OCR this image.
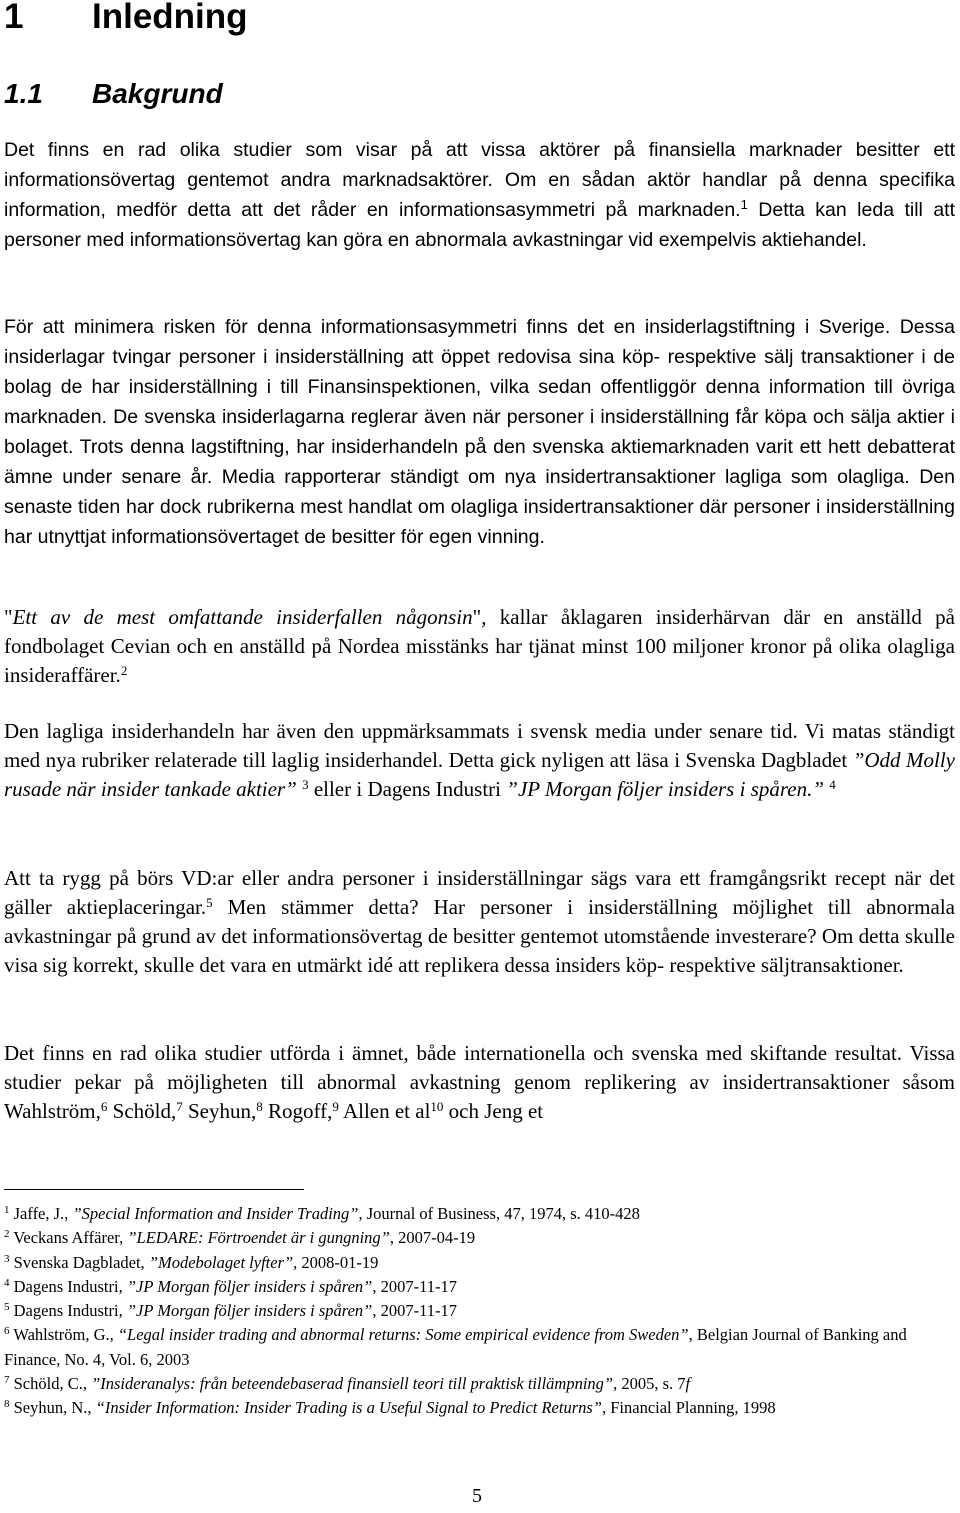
1 Inledning
1.1 Bakgrund

Det finns en rad olika studier som visar på att vissa aktörer på finansiella marknader besitter ett informationsövertag gentemot andra marknadsaktörer. Om en sådan aktör handlar på denna specifika information, medför detta att det råder en informationsasymmetri på marknaden.$^1$ Detta kan leda till att personer med informationsövertag kan göra en abnormala avkastningar vid exempelvis aktiehandel.

För att minimera risken för denna informationsasymmetri finns det en insiderlagstiftning i Sverige. Dessa insiderlagar tvingar personer i insiderställning att öppet redovisa sina köp- respektive sälj transaktioner i de bolag de har insiderställning i till Finansinspektionen, vilka sedan offentliggör denna information till övriga marknaden. De svenska insiderlagarna reglerar även när personer i insiderställning får köpa och sälja aktier i bolaget. Trots denna lagstiftning, har insiderhandeln på den svenska aktiemarknaden varit ett hett debatterat ämne under senare år. Media rapporterar ständigt om nya insidertransaktioner lagliga som olagliga. Den senaste tiden har dock rubrikerna mest handlat om olagliga insidertransaktioner där personer i insiderställning har utnyttjat informationsövertaget de besitter för egen vinning.

"Ett av de mest omfattande insiderfallen någonsin", kallar åklagaren insiderhärvan där en anställd på fondbolaget Cevian och en anställd på Nordea misstänks har tjänat minst 100 miljoner kronor på olika olagliga insideraffärer.$^2$

Den lagliga insiderhandeln har även den uppmärksammats i svensk media under senare tid. Vi matas ständigt med nya rubriker relaterade till laglig insiderhandel. Detta gick nyligen att läsa i Svenska Dagbladet ”Odd Molly rusade när insider tankade aktier” $^3$ eller i Dagens Industri ”JP Morgan följer insiders i spåren.” $^4$

Att ta rygg på börs VD:ar eller andra personer i insiderställningar sägs vara ett framgångsrikt recept när det gäller aktieplaceringar.$^5$ Men stämmer detta? Har personer i insiderställning möjlighet till abnormala avkastningar på grund av det informationsövertag de besitter gentemot utomstående investerare? Om detta skulle visa sig korrekt, skulle det vara en utmärkt idé att replikera dessa insiders köp- respektive säljtransaktioner.

Det finns en rad olika studier utförda i ämnet, både internationella och svenska med skiftande resultat. Vissa studier pekar på möjligheten till abnormal avkastning genom replikering av insidertransaktioner såsom Wahlström,$^6$ Schöld,$^7$ Seyhun,$^8$ Rogoff,$^9$ Allen et $al^{10}$ och Jeng et

$^1$ Jaffe, J., ”Special Information and Insider Trading”, Journal of Business, 47, 1974, s. 410-428
$^2$ Veckans Affärer, ”LEDARE: Förtroendet är i gungning”, 2007-04-19
$^3$ Svenska Dagbladet, ”Modebolaget lyfter”, 2008-01-19
$^4$ Dagens Industri, ”JP Morgan följer insiders i spåren”, 2007-11-17
$^5$ Dagens Industri, ”JP Morgan följer insiders i spåren”, 2007-11-17
$^6$ Wahlström, G., “Legal insider trading and abnormal returns: Some empirical evidence from Sweden”, Belgian Journal of Banking and Finance, No. 4, Vol. 6, 2003
$^7$ Schöld, C., ”Insideranalys: från beteendebaserad finansiell teori till praktisk tillämpning”, 2005, s. 7f
$^8$ Seyhun, N., “Insider Information: Insider Trading is a Useful Signal to Predict Returns”, Financial Planning, 1998
5
